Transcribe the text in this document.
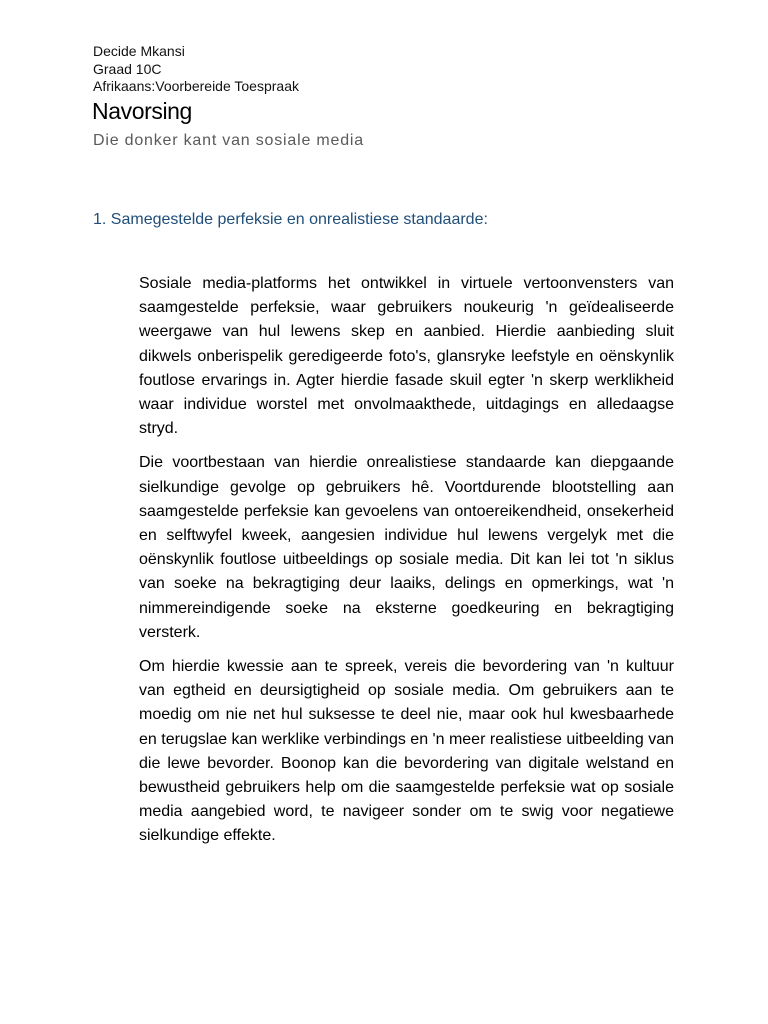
Decide Mkansi
Graad 10C
Afrikaans:Voorbereide Toespraak
Navorsing
Die donker kant van sosiale media
1. Samegestelde perfeksie en onrealistiese standaarde:

Sosiale media-platforms het ontwikkel in virtuele vertoonvensters van saamgestelde perfeksie, waar gebruikers noukeurig 'n geïdealiseerde weergawe van hul lewens skep en aanbied. Hierdie aanbieding sluit dikwels onberispelik geredigeerde foto's, glansryke leefstyle en oënskynlik foutlose ervarings in. Agter hierdie fasade skuil egter 'n skerp werklikheid waar individue worstel met onvolmaakthede, uitdagings en alledaagse stryd.

Die voortbestaan van hierdie onrealistiese standaarde kan diepgaande sielkundige gevolge op gebruikers hê. Voortdurende blootstelling aan saamgestelde perfeksie kan gevoelens van ontoereikendheid, onsekerheid en selftwyfel kweek, aangesien individue hul lewens vergelyk met die oënskynlik foutlose uitbeeldings op sosiale media. Dit kan lei tot 'n siklus van soeke na bekragtiging deur laaiks, delings en opmerkings, wat 'n nimmereindigende soeke na eksterne goedkeuring en bekragtiging versterk.

Om hierdie kwessie aan te spreek, vereis die bevordering van 'n kultuur van egtheid en deursigtigheid op sosiale media. Om gebruikers aan te moedig om nie net hul suksesse te deel nie, maar ook hul kwesbaarhede en terugslae kan werklike verbindings en 'n meer realistiese uitbeelding van die lewe bevorder. Boonop kan die bevordering van digitale welstand en bewustheid gebruikers help om die saamgestelde perfeksie wat op sosiale media aangebied word, te navigeer sonder om te swig voor negatiewe sielkundige effekte.
